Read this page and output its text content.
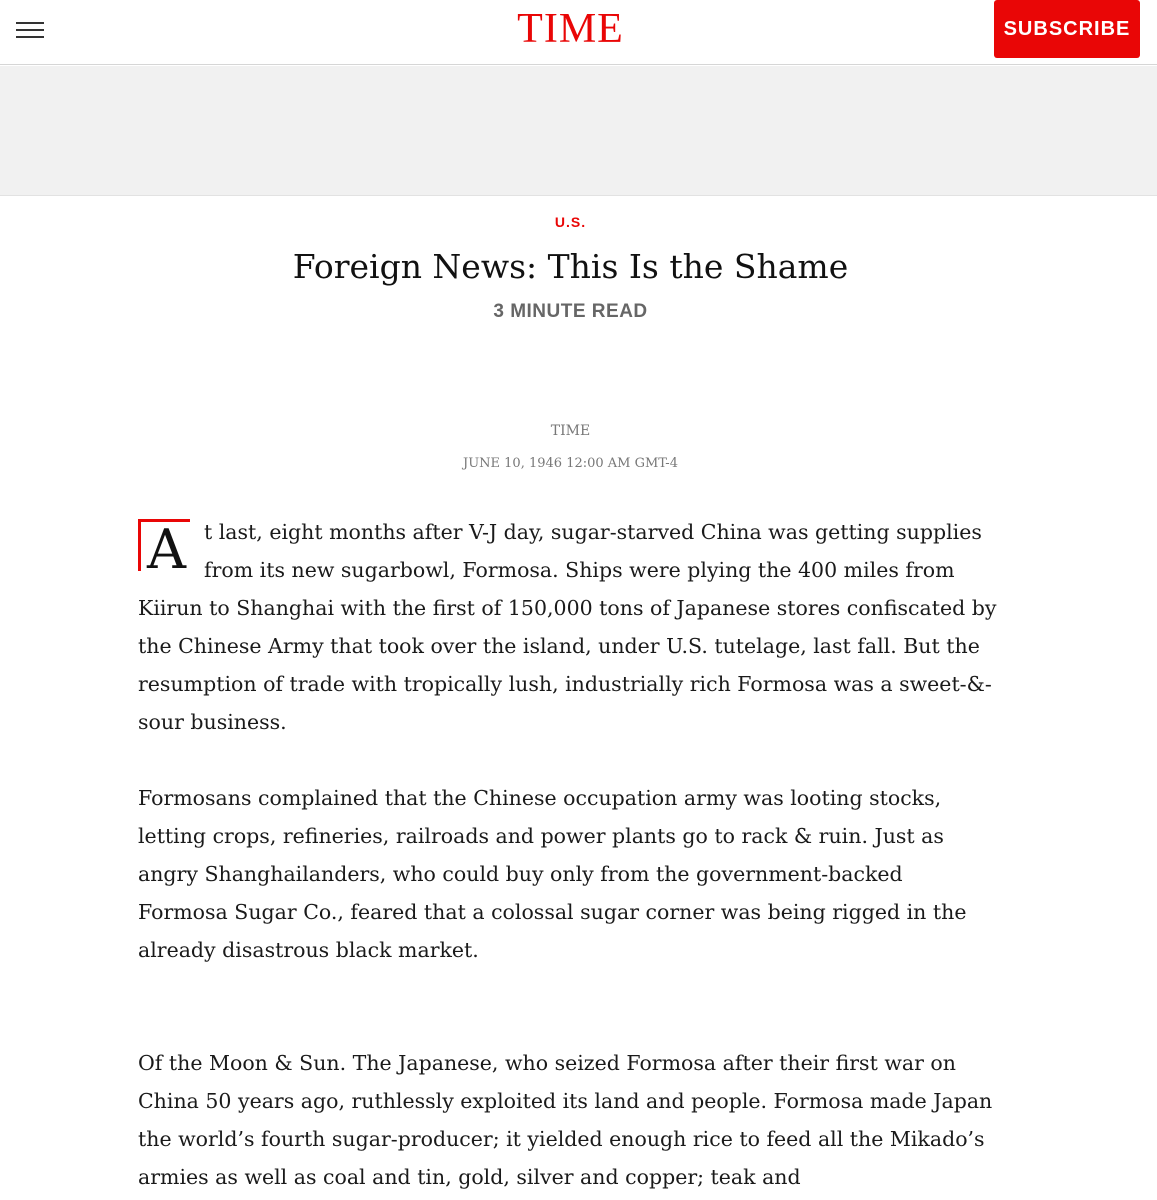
TIME	SUBSCRIBE
U.S.
Foreign News: This Is the Shame
3 MINUTE READ
TIME
JUNE 10, 1946 12:00 AM GMT-4

A t last, eight months after V-J day, sugar-starved China was getting supplies from its new sugarbowl, Formosa. Ships were plying the 400 miles from Kiirun to Shanghai with the first of 150,000 tons of Japanese stores confiscated by the Chinese Army that took over the island, under U.S. tutelage, last fall. But the resumption of trade with tropically lush, industrially rich Formosa was a sweet-&-sour business.

Formosans complained that the Chinese occupation army was looting stocks, letting crops, refineries, railroads and power plants go to rack & ruin. Just as angry Shanghailanders, who could buy only from the government-backed Formosa Sugar Co., feared that a colossal sugar corner was being rigged in the already disastrous black market.

Of the Moon & Sun. The Japanese, who seized Formosa after their first war on China 50 years ago, ruthlessly exploited its land and people. Formosa made Japan the world’s fourth sugar-producer; it yielded enough rice to feed all the Mikado’s armies as well as coal and tin, gold, silver and copper; teak and
